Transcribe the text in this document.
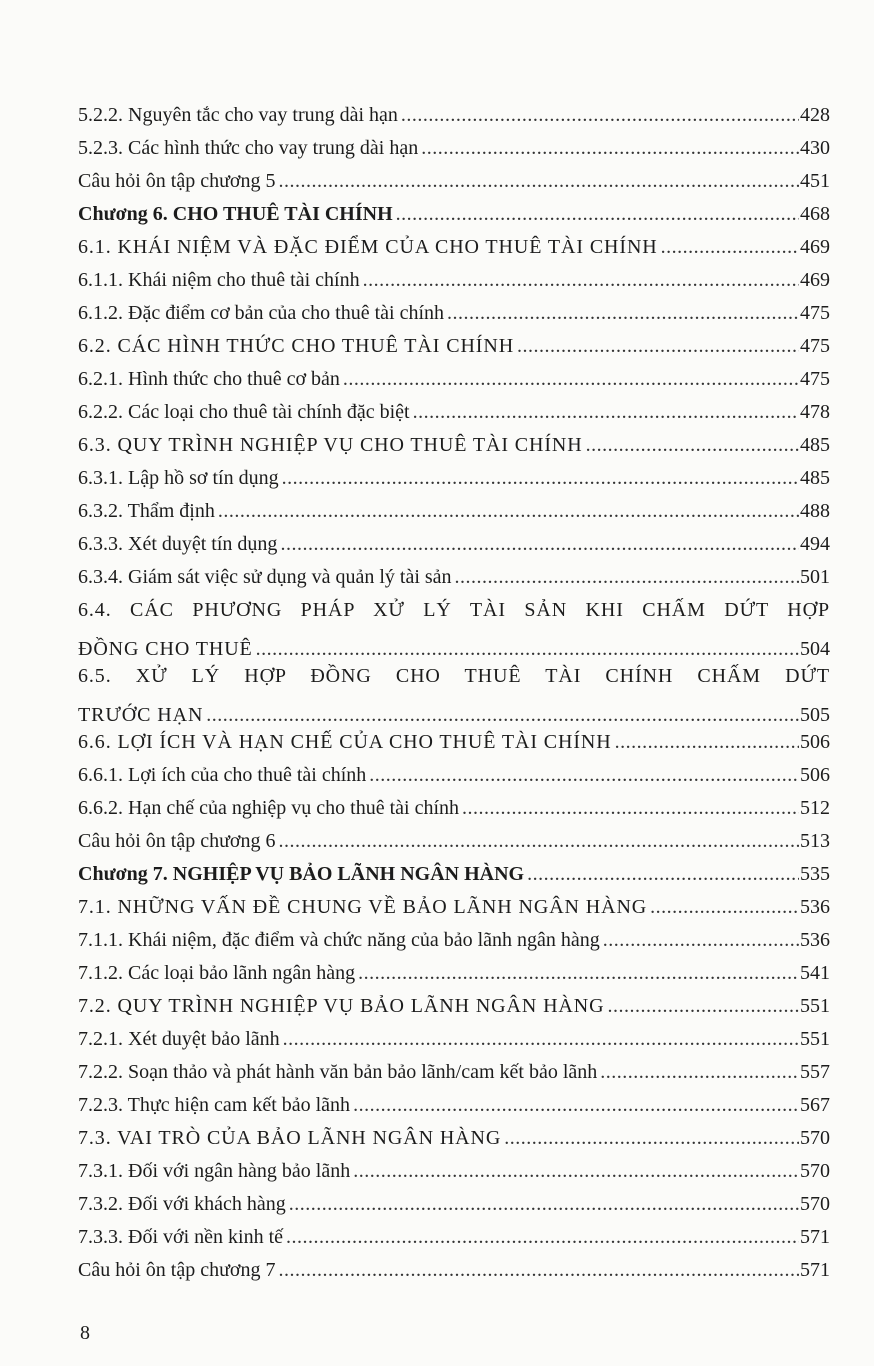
5.2.2. Nguyên tắc cho vay trung dài hạn .....	428
5.2.3. Các hình thức cho vay trung dài hạn .....	430
Câu hỏi ôn tập chương 5 .....	451
Chương 6. CHO THUÊ TÀI CHÍNH .....	468
6.1. KHÁI NIỆM VÀ ĐẶC ĐIỂM CỦA CHO THUÊ TÀI CHÍNH .....	469
6.1.1. Khái niệm cho thuê tài chính .....	469
6.1.2. Đặc điểm cơ bản của cho thuê tài chính .....	475
6.2. CÁC HÌNH THỨC CHO THUÊ TÀI CHÍNH .....	475
6.2.1. Hình thức cho thuê cơ bản .....	475
6.2.2. Các loại cho thuê tài chính đặc biệt .....	478
6.3. QUY TRÌNH NGHIỆP VỤ CHO THUÊ TÀI CHÍNH .....	485
6.3.1. Lập hồ sơ tín dụng .....	485
6.3.2. Thẩm định .....	488
6.3.3. Xét duyệt tín dụng .....	494
6.3.4. Giám sát việc sử dụng và quản lý tài sản .....	501
6.4. CÁC PHƯƠNG PHÁP XỬ LÝ TÀI SẢN KHI CHẤM DỨT HỢP
ĐỒNG CHO THUÊ .....	504
6.5. XỬ LÝ HỢP ĐỒNG CHO THUÊ TÀI CHÍNH CHẤM DỨT
TRƯỚC HẠN .....	505
6.6. LỢI ÍCH VÀ HẠN CHẾ CỦA CHO THUÊ TÀI CHÍNH .....	506
6.6.1. Lợi ích của cho thuê tài chính .....	506
6.6.2. Hạn chế của nghiệp vụ cho thuê tài chính .....	512
Câu hỏi ôn tập chương 6 .....	513
Chương 7. NGHIỆP VỤ BẢO LÃNH NGÂN HÀNG .....	535
7.1. NHỮNG VẤN ĐỀ CHUNG VỀ BẢO LÃNH NGÂN HÀNG .....	536
7.1.1. Khái niệm, đặc điểm và chức năng của bảo lãnh ngân hàng .....	536
7.1.2. Các loại bảo lãnh ngân hàng .....	541
7.2. QUY TRÌNH NGHIỆP VỤ BẢO LÃNH NGÂN HÀNG .....	551
7.2.1. Xét duyệt bảo lãnh .....	551
7.2.2. Soạn thảo và phát hành văn bản bảo lãnh/cam kết bảo lãnh .....	557
7.2.3. Thực hiện cam kết bảo lãnh .....	567
7.3. VAI TRÒ CỦA BẢO LÃNH NGÂN HÀNG .....	570
7.3.1. Đối với ngân hàng bảo lãnh .....	570
7.3.2. Đối với khách hàng .....	570
7.3.3. Đối với nền kinh tế .....	571
Câu hỏi ôn tập chương 7 .....	571
8
